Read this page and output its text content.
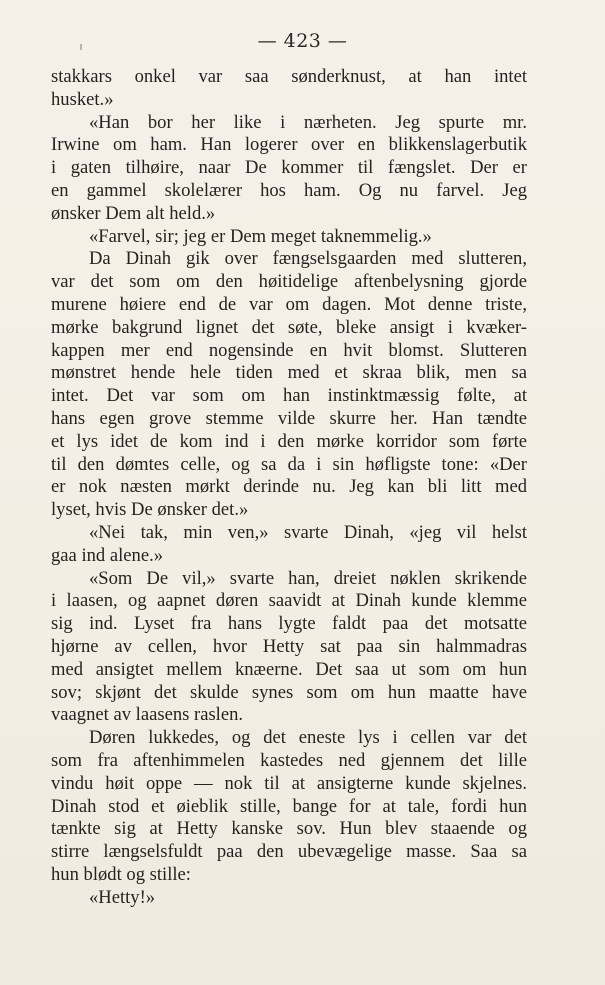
— 423 —
stakkars onkel var saa sønderknust, at han intet
husket.»
«Han bor her like i nærheten. Jeg spurte mr.
Irwine om ham. Han logerer over en blikkenslagerbutik
i gaten tilhøire, naar De kommer til fængslet. Der er
en gammel skolelærer hos ham. Og nu farvel. Jeg
ønsker Dem alt held.»
«Farvel, sir; jeg er Dem meget taknemmelig.»
Da Dinah gik over fængselsgaarden med slutteren,
var det som om den høitidelige aftenbelysning gjorde
murene høiere end de var om dagen. Mot denne triste,
mørke bakgrund lignet det søte, bleke ansigt i kvæker-
kappen mer end nogensinde en hvit blomst. Slutteren
mønstret hende hele tiden med et skraa blik, men sa
intet. Det var som om han instinktmæssig følte, at
hans egen grove stemme vilde skurre her. Han tændte
et lys idet de kom ind i den mørke korridor som førte
til den dømtes celle, og sa da i sin høfligste tone: «Der
er nok næsten mørkt derinde nu. Jeg kan bli litt med
lyset, hvis De ønsker det.»
«Nei tak, min ven,» svarte Dinah, «jeg vil helst
gaa ind alene.»
«Som De vil,» svarte han, dreiet nøklen skrikende
i laasen, og aapnet døren saavidt at Dinah kunde klemme
sig ind. Lyset fra hans lygte faldt paa det motsatte
hjørne av cellen, hvor Hetty sat paa sin halmmadras
med ansigtet mellem knæerne. Det saa ut som om hun
sov; skjønt det skulde synes som om hun maatte have
vaagnet av laasens raslen.
Døren lukkedes, og det eneste lys i cellen var det
som fra aftenhimmelen kastedes ned gjennem det lille
vindu høit oppe — nok til at ansigterne kunde skjelnes.
Dinah stod et øieblik stille, bange for at tale, fordi hun
tænkte sig at Hetty kanske sov. Hun blev staaende og
stirre længselsfuldt paa den ubevægelige masse. Saa sa
hun blødt og stille:
«Hetty!»
